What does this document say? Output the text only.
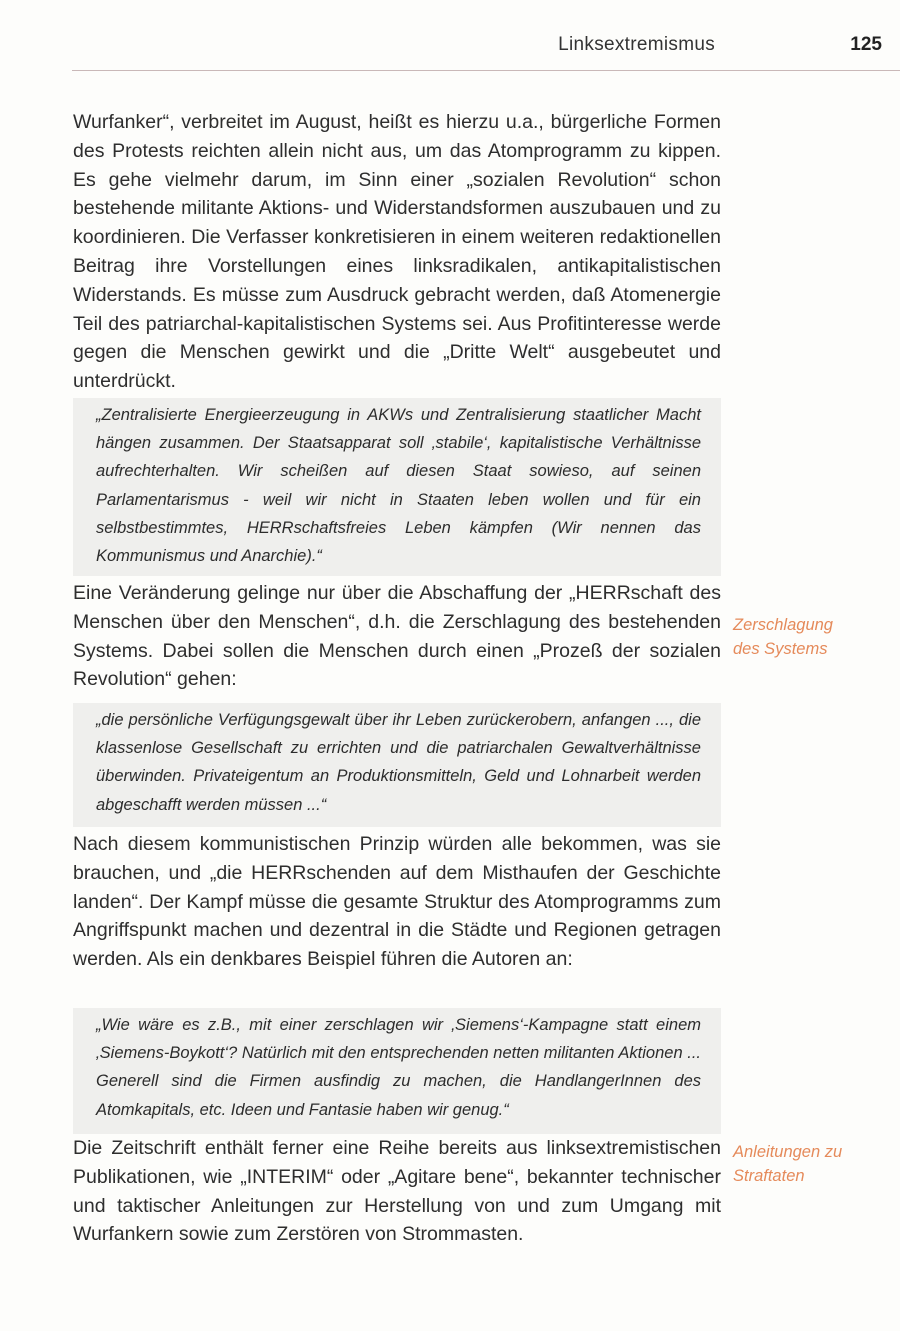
Linksextremismus	125

Wurfanker“, verbreitet im August, heißt es hierzu u.a., bürgerliche Formen des Protests reichten allein nicht aus, um das Atomprogramm zu kippen. Es gehe vielmehr darum, im Sinn einer „sozialen Revolution“ schon bestehende militante Aktions- und Widerstandsformen auszubauen und zu koordinieren. Die Verfasser konkretisieren in einem weiteren redaktionellen Beitrag ihre Vorstellungen eines linksradikalen, antikapitalistischen Widerstands. Es müsse zum Ausdruck gebracht werden, daß Atomenergie Teil des patriarchal-kapitalistischen Systems sei. Aus Profitinteresse werde gegen die Menschen gewirkt und die „Dritte Welt“ ausgebeutet und unterdrückt.

„Zentralisierte Energieerzeugung in AKWs und Zentralisierung staatlicher Macht hängen zusammen. Der Staatsapparat soll ‚stabile‘, kapitalistische Verhältnisse aufrechterhalten. Wir scheißen auf diesen Staat sowieso, auf seinen Parlamentarismus - weil wir nicht in Staaten leben wollen und für ein selbstbestimmtes, HERRschaftsfreies Leben kämpfen (Wir nennen das Kommunismus und Anarchie).“

Eine Veränderung gelinge nur über die Abschaffung der „HERRschaft des Menschen über den Menschen“, d.h. die Zerschlagung des bestehenden Systems. Dabei sollen die Menschen durch einen „Prozeß der sozialen Revolution“ gehen:

Zerschlagung
des Systems

„die persönliche Verfügungsgewalt über ihr Leben zurückerobern, anfangen ..., die klassenlose Gesellschaft zu errichten und die patriarchalen Gewaltverhältnisse überwinden. Privateigentum an Produktionsmitteln, Geld und Lohnarbeit werden abgeschafft werden müssen ...“

Nach diesem kommunistischen Prinzip würden alle bekommen, was sie brauchen, und „die HERRschenden auf dem Misthaufen der Geschichte landen“. Der Kampf müsse die gesamte Struktur des Atomprogramms zum Angriffspunkt machen und dezentral in die Städte und Regionen getragen werden. Als ein denkbares Beispiel führen die Autoren an:

„Wie wäre es z.B., mit einer zerschlagen wir ‚Siemens‘-Kampagne statt einem ‚Siemens-Boykott‘? Natürlich mit den entsprechenden netten militanten Aktionen ... Generell sind die Firmen ausfindig zu machen, die HandlangerInnen des Atomkapitals, etc. Ideen und Fantasie haben wir genug.“

Die Zeitschrift enthält ferner eine Reihe bereits aus linksextremistischen Publikationen, wie „INTERIM“ oder „Agitare bene“, bekannter technischer und taktischer Anleitungen zur Herstellung von und zum Umgang mit Wurfankern sowie zum Zerstören von Strommasten.

Anleitungen zu
Straftaten
